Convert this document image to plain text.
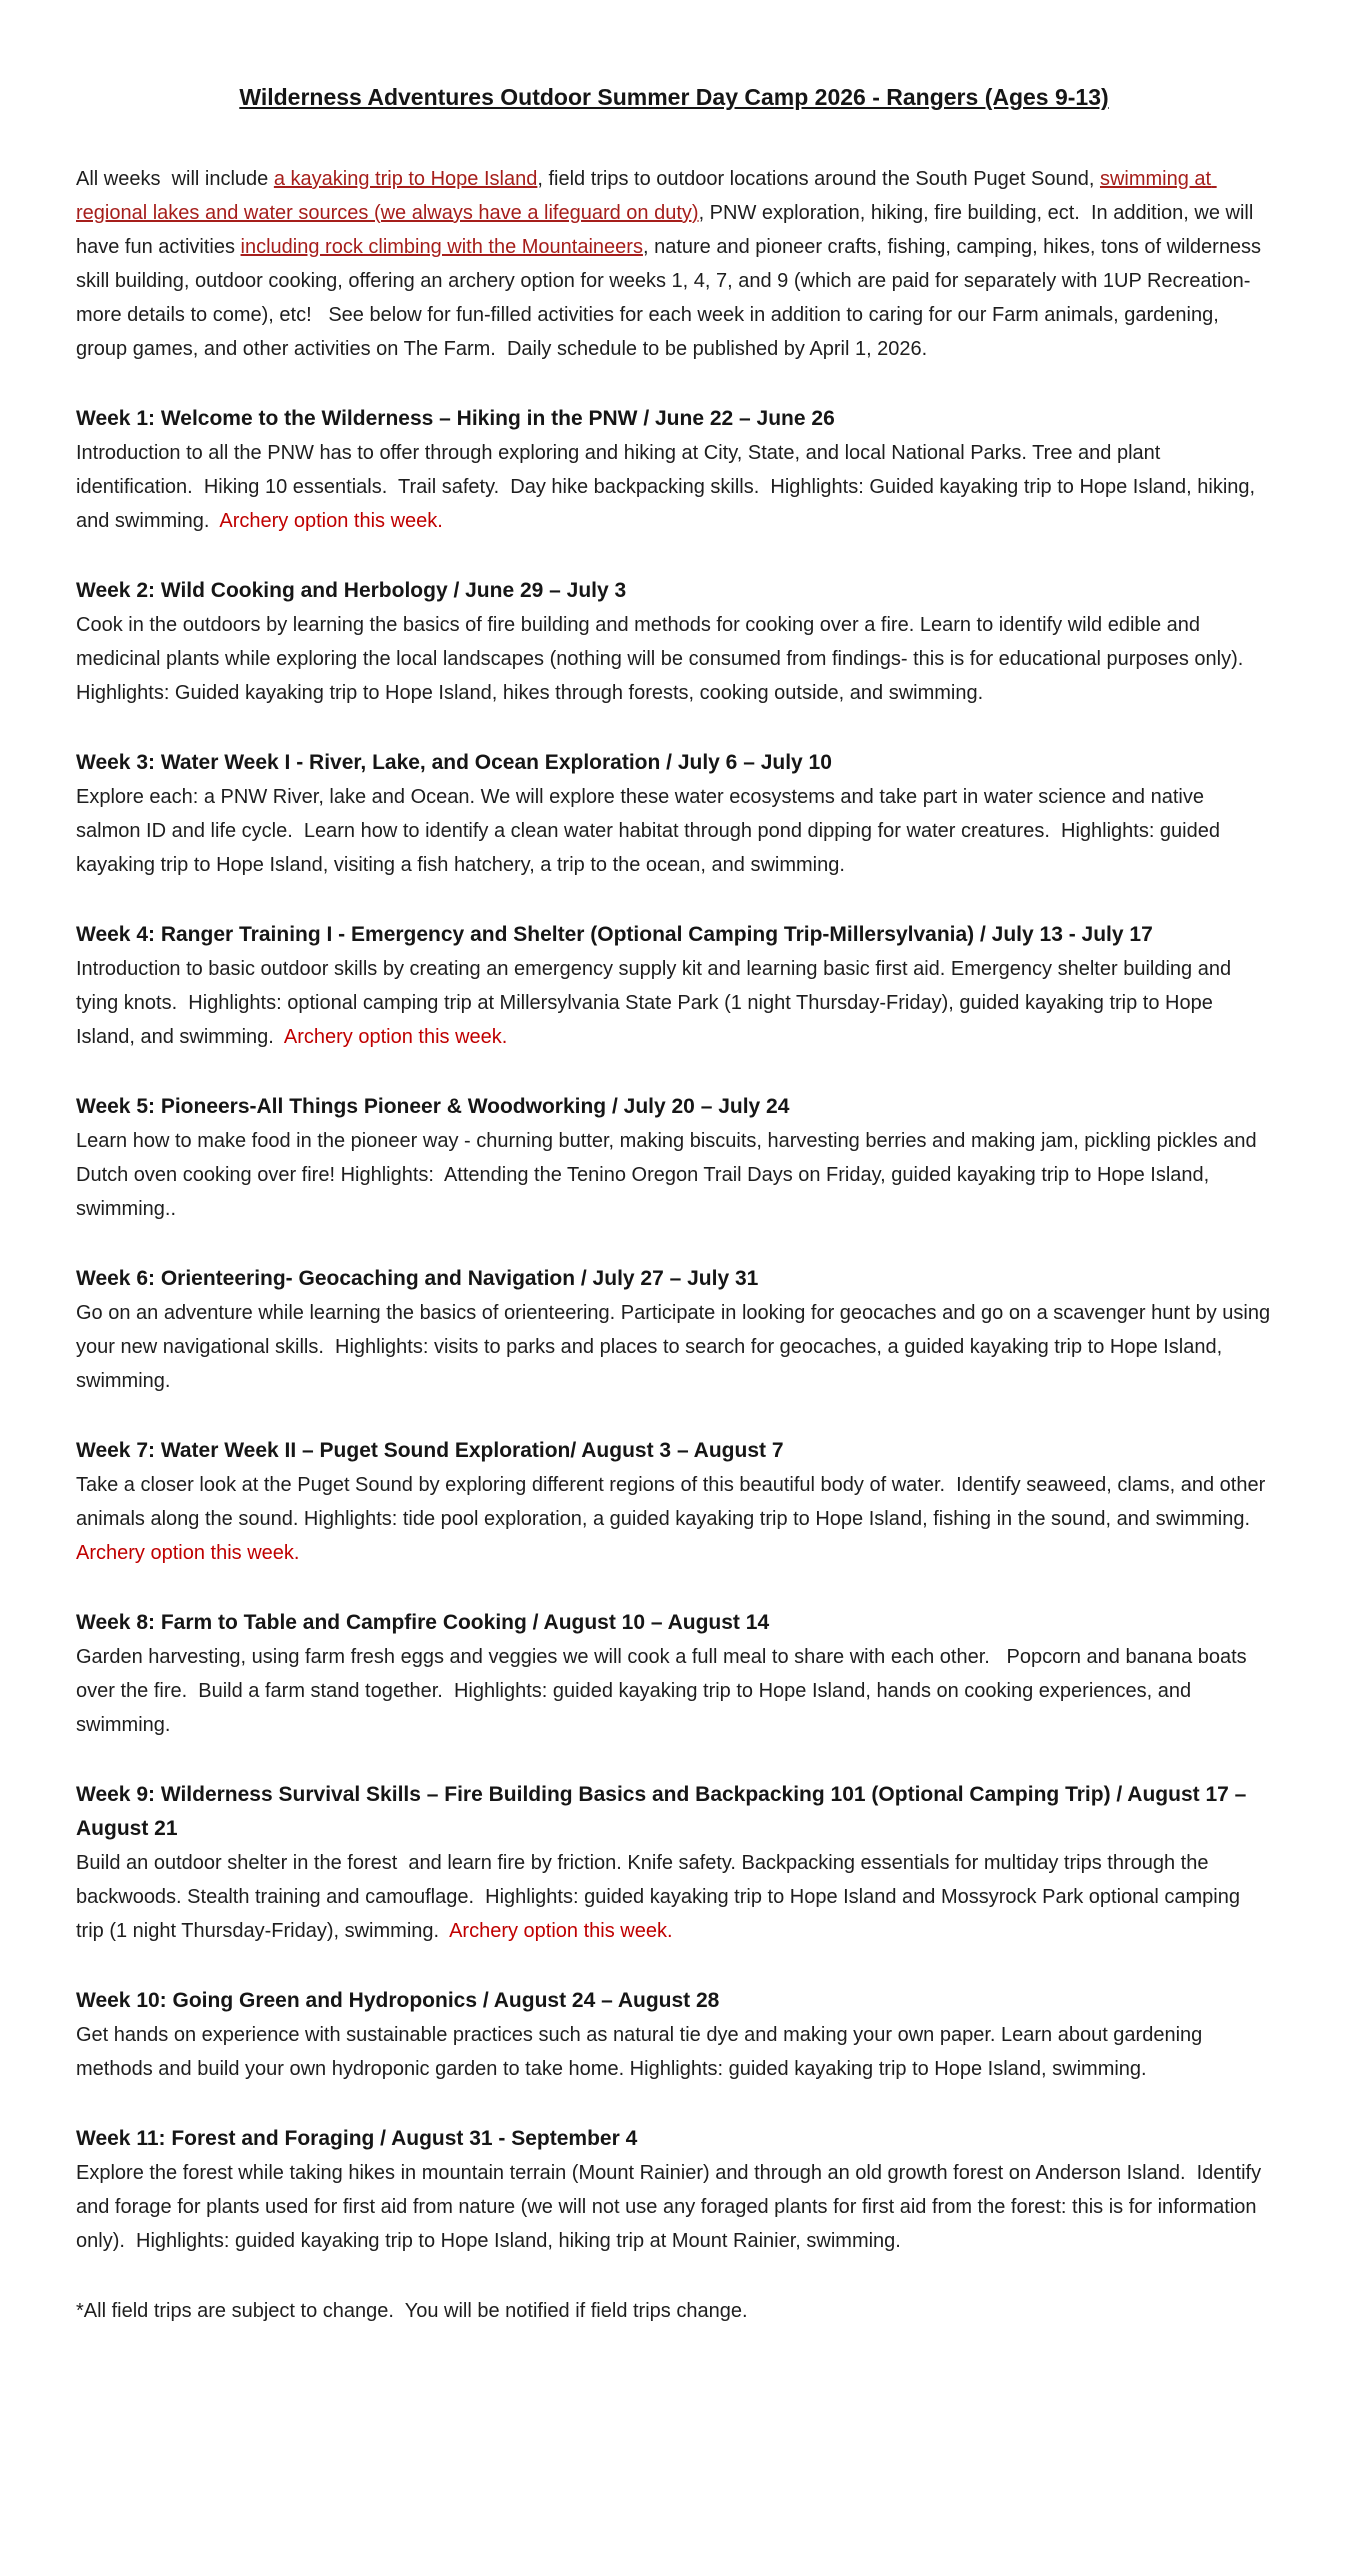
Wilderness Adventures Outdoor Summer Day Camp 2026 - Rangers (Ages 9-13)

All weeks  will include a kayaking trip to Hope Island, field trips to outdoor locations around the South Puget Sound, swimming at regional lakes and water sources (we always have a lifeguard on duty), PNW exploration, hiking, fire building, ect.  In addition, we will have fun activities including rock climbing with the Mountaineers, nature and pioneer crafts, fishing, camping, hikes, tons of wilderness skill building, outdoor cooking, offering an archery option for weeks 1, 4, 7, and 9 (which are paid for separately with 1UP Recreation-more details to come), etc!   See below for fun-filled activities for each week in addition to caring for our Farm animals, gardening,  group games, and other activities on The Farm.  Daily schedule to be published by April 1, 2026.

Week 1: Welcome to the Wilderness – Hiking in the PNW / June 22 – June 26

Introduction to all the PNW has to offer through exploring and hiking at City, State, and local National Parks. Tree and plant identification.  Hiking 10 essentials.  Trail safety.  Day hike backpacking skills.  Highlights: Guided kayaking trip to Hope Island, hiking, and swimming.  Archery option this week.

Week 2: Wild Cooking and Herbology / June 29 – July 3

Cook in the outdoors by learning the basics of fire building and methods for cooking over a fire. Learn to identify wild edible and medicinal plants while exploring the local landscapes (nothing will be consumed from findings- this is for educational purposes only). Highlights: Guided kayaking trip to Hope Island, hikes through forests, cooking outside, and swimming.

Week 3: Water Week I - River, Lake, and Ocean Exploration / July 6 – July 10

Explore each: a PNW River, lake and Ocean. We will explore these water ecosystems and take part in water science and native salmon ID and life cycle.  Learn how to identify a clean water habitat through pond dipping for water creatures.  Highlights: guided kayaking trip to Hope Island, visiting a fish hatchery, a trip to the ocean, and swimming.

Week 4: Ranger Training I - Emergency and Shelter (Optional Camping Trip-Millersylvania) / July 13 - July 17

Introduction to basic outdoor skills by creating an emergency supply kit and learning basic first aid. Emergency shelter building and tying knots.  Highlights: optional camping trip at Millersylvania State Park (1 night Thursday-Friday), guided kayaking trip to Hope Island, and swimming.  Archery option this week.

Week 5: Pioneers-All Things Pioneer & Woodworking / July 20 – July 24

Learn how to make food in the pioneer way - churning butter, making biscuits, harvesting berries and making jam, pickling pickles and Dutch oven cooking over fire! Highlights:  Attending the Tenino Oregon Trail Days on Friday, guided kayaking trip to Hope Island, swimming..

Week 6: Orienteering- Geocaching and Navigation / July 27 – July 31

Go on an adventure while learning the basics of orienteering. Participate in looking for geocaches and go on a scavenger hunt by using your new navigational skills.  Highlights: visits to parks and places to search for geocaches, a guided kayaking trip to Hope Island, swimming.

Week 7: Water Week II – Puget Sound Exploration/ August 3 – August 7

Take a closer look at the Puget Sound by exploring different regions of this beautiful body of water.  Identify seaweed, clams, and other animals along the sound. Highlights: tide pool exploration, a guided kayaking trip to Hope Island, fishing in the sound, and swimming.  Archery option this week.

Week 8: Farm to Table and Campfire Cooking / August 10 – August 14

Garden harvesting, using farm fresh eggs and veggies we will cook a full meal to share with each other.   Popcorn and banana boats over the fire.  Build a farm stand together.  Highlights: guided kayaking trip to Hope Island, hands on cooking experiences, and swimming.

Week 9: Wilderness Survival Skills – Fire Building Basics and Backpacking 101 (Optional Camping Trip) / August 17 – August 21

Build an outdoor shelter in the forest  and learn fire by friction. Knife safety. Backpacking essentials for multiday trips through the backwoods. Stealth training and camouflage.  Highlights: guided kayaking trip to Hope Island and Mossyrock Park optional camping trip (1 night Thursday-Friday), swimming.  Archery option this week.

Week 10: Going Green and Hydroponics / August 24 – August 28

Get hands on experience with sustainable practices such as natural tie dye and making your own paper. Learn about gardening methods and build your own hydroponic garden to take home. Highlights: guided kayaking trip to Hope Island, swimming.

Week 11: Forest and Foraging / August 31 - September 4

Explore the forest while taking hikes in mountain terrain (Mount Rainier) and through an old growth forest on Anderson Island.  Identify and forage for plants used for first aid from nature (we will not use any foraged plants for first aid from the forest: this is for information only).  Highlights: guided kayaking trip to Hope Island, hiking trip at Mount Rainier, swimming.

*All field trips are subject to change.  You will be notified if field trips change.
